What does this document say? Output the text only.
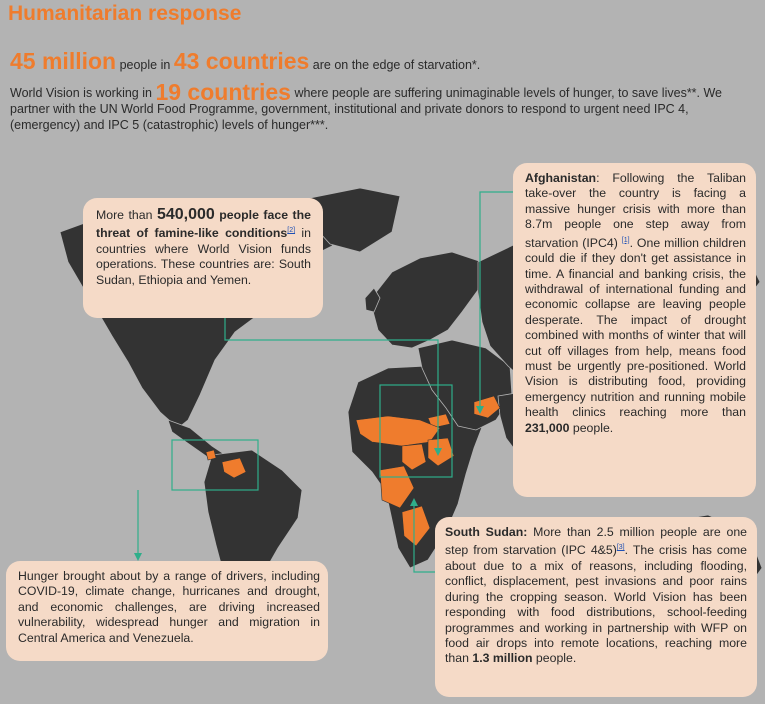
Humanitarian response
45 million people in 43 countries are on the edge of starvation*.
World Vision is working in 19 countries where people are suffering unimaginable levels of hunger, to save lives**. We partner with the UN World Food Programme, government, institutional and private donors to respond to urgent need IPC 4, (emergency) and IPC 5 (catastrophic) levels of hunger***.
More than 540,000 people face the threat of famine-like conditions[2] in countries where World Vision funds operations. These countries are: South Sudan, Ethiopia and Yemen.
Afghanistan: Following the Taliban take-over the country is facing a massive hunger crisis with more than 8.7m people one step away from starvation (IPC4) [1]. One million children could die if they don't get assistance in time. A financial and banking crisis, the withdrawal of international funding and economic collapse are leaving people desperate. The impact of drought combined with months of winter that will cut off villages from help, means food must be urgently pre-positioned. World Vision is distributing food, providing emergency nutrition and running mobile health clinics reaching more than 231,000 people.
Hunger brought about by a range of drivers, including COVID-19, climate change, hurricanes and drought, and economic challenges, are driving increased vulnerability, widespread hunger and migration in Central America and Venezuela.
South Sudan: More than 2.5 million people are one step from starvation (IPC 4&5)[3]. The crisis has come about due to a mix of reasons, including flooding, conflict, displacement, pest invasions and poor rains during the cropping season. World Vision has been responding with food distributions, school-feeding programmes and working in partnership with WFP on food air drops into remote locations, reaching more than 1.3 million people.
